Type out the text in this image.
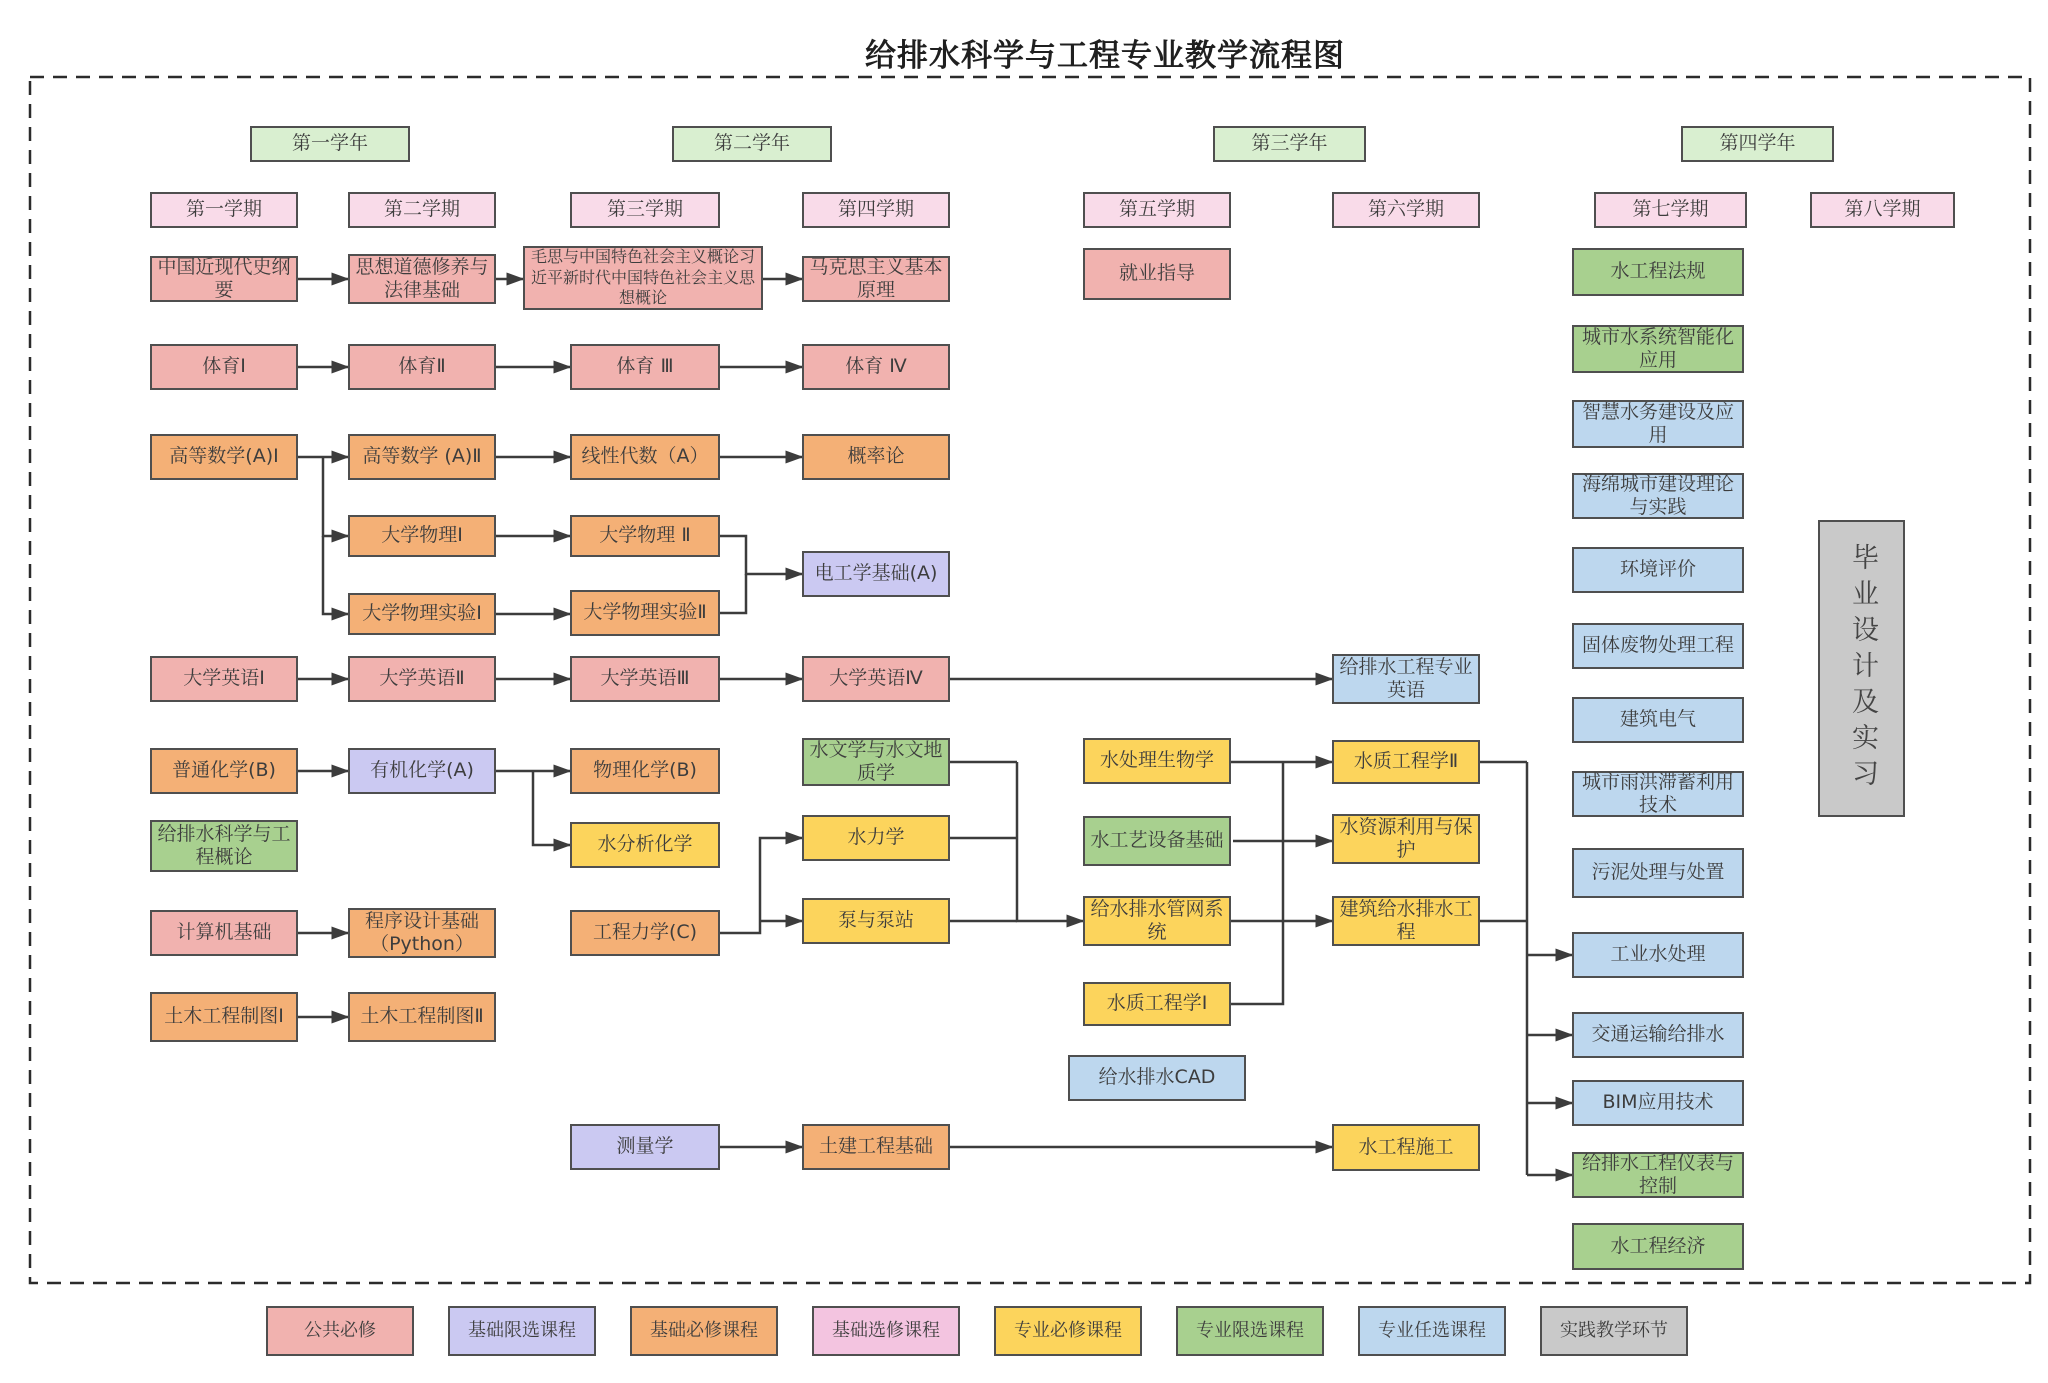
给排水科学与工程专业教学流程图
第一学年	第二学年	第三学年	第四学年
第一学期	第二学期	第三学期	第四学期	第五学期	第六学期	第七学期	第八学期
中国近现代史纲要
思想道德修养与法律基础
毛思与中国特色社会主义概论习近平新时代中国特色社会主义思想概论
马克思主义基本原理
体育Ⅰ	体育Ⅱ	体育 Ⅲ	体育 Ⅳ
高等数学(A)Ⅰ	高等数学 (A)Ⅱ	线性代数（A）	概率论
大学物理Ⅰ	大学物理 Ⅱ
大学物理实验Ⅰ	大学物理实验Ⅱ
电工学基础(A)
大学英语Ⅰ	大学英语Ⅱ	大学英语Ⅲ	大学英语Ⅳ
普通化学(B)	有机化学(A)	物理化学(B)
给排水科学与工程概论
水分析化学
计算机基础
程序设计基础（Python）
工程力学(C)
土木工程制图Ⅰ	土木工程制图Ⅱ
测量学	土建工程基础
水文学与水文地质学
水力学
泵与泵站
就业指导
水处理生物学
水工艺设备基础
给水排水管网系统
水质工程学Ⅰ
给水排水CAD
给排水工程专业英语
水质工程学Ⅱ
水资源利用与保护
建筑给水排水工程
水工程施工
水工程法规
城市水系统智能化应用
智慧水务建设及应用
海绵城市建设理论与实践
环境评价
固体废物处理工程
建筑电气
城市雨洪滞蓄利用技术
污泥处理与处置
工业水处理
交通运输给排水
BIM应用技术
给排水工程仪表与控制
水工程经济
毕业设计及实习
公共必修	基础限选课程	基础必修课程	基础选修课程	专业必修课程	专业限选课程	专业任选课程	实践教学环节
